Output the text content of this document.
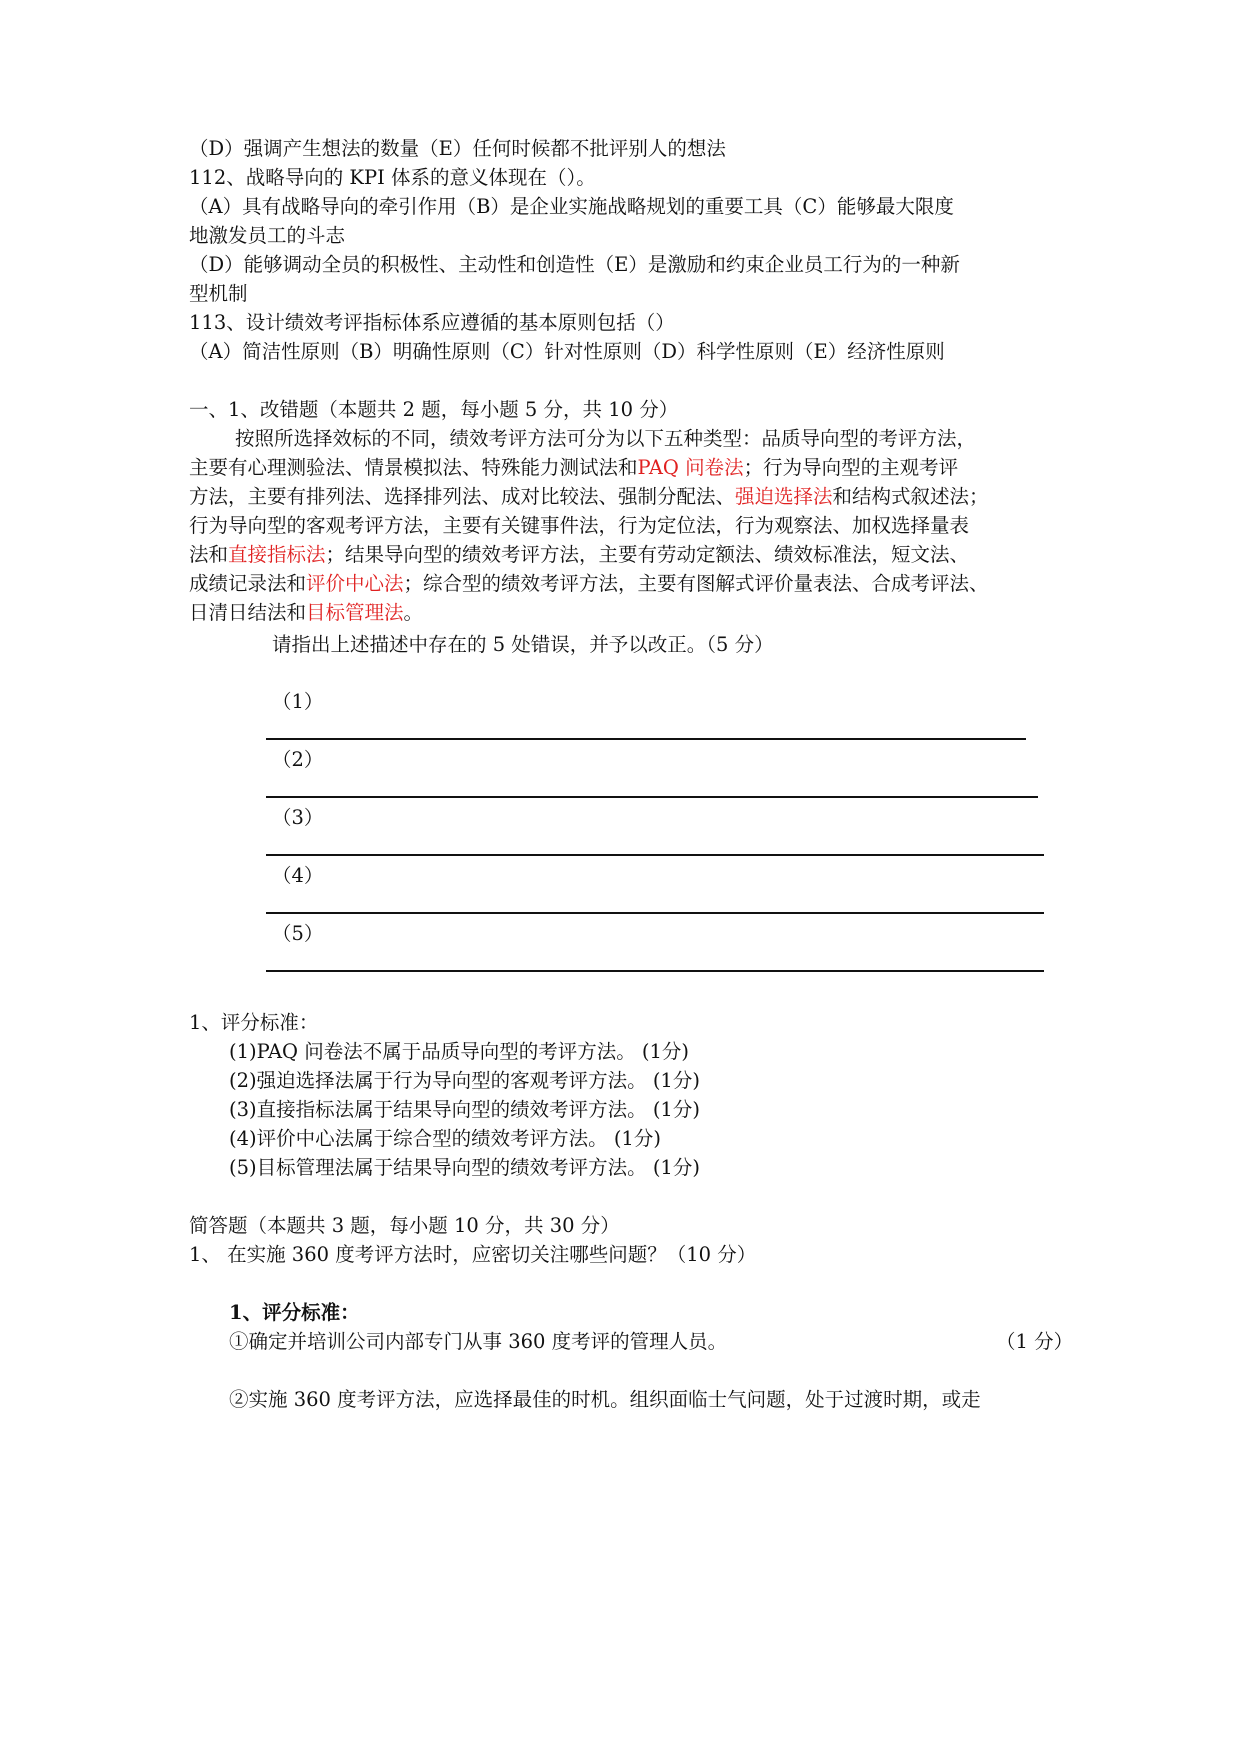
（D）强调产生想法的数量（E）任何时候都不批评别人的想法
112、战略导向的 KPI 体系的意义体现在（）。
（A）具有战略导向的牵引作用（B）是企业实施战略规划的重要工具（C）能够最大限度
地激发员工的斗志
（D）能够调动全员的积极性、主动性和创造性（E）是激励和约束企业员工行为的一种新
型机制
113、设计绩效考评指标体系应遵循的基本原则包括（）
（A）简洁性原则（B）明确性原则（C）针对性原则（D）科学性原则（E）经济性原则
一、1、改错题（本题共 2 题，每小题 5 分，共 10 分）
按照所选择效标的不同，绩效考评方法可分为以下五种类型：品质导向型的考评方法，
主要有心理测验法、情景模拟法、特殊能力测试法和PAQ 问卷法；行为导向型的主观考评
方法，主要有排列法、选择排列法、成对比较法、强制分配法、强迫选择法和结构式叙述法；
行为导向型的客观考评方法，主要有关键事件法，行为定位法，行为观察法、加权选择量表
法和直接指标法；结果导向型的绩效考评方法，主要有劳动定额法、绩效标准法，短文法、
成绩记录法和评价中心法；综合型的绩效考评方法，主要有图解式评价量表法、合成考评法、
日清日结法和目标管理法。
请指出上述描述中存在的 5 处错误，并予以改正。（5 分）
（1）
（2）
（3）
（4）
（5）
1、评分标准：
(1)PAQ 问卷法不属于品质导向型的考评方法。 (1分)
(2)强迫选择法属于行为导向型的客观考评方法。 (1分)
(3)直接指标法属于结果导向型的绩效考评方法。 (1分)
(4)评价中心法属于综合型的绩效考评方法。 (1分)
(5)目标管理法属于结果导向型的绩效考评方法。 (1分)
简答题（本题共 3 题，每小题 10 分，共 30 分）
1、 在实施 360 度考评方法时，应密切关注哪些问题？（10 分）
1、评分标准：
①确定并培训公司内部专门从事 360 度考评的管理人员。	（1 分）
②实施 360 度考评方法，应选择最佳的时机。组织面临士气问题，处于过渡时期，或走
